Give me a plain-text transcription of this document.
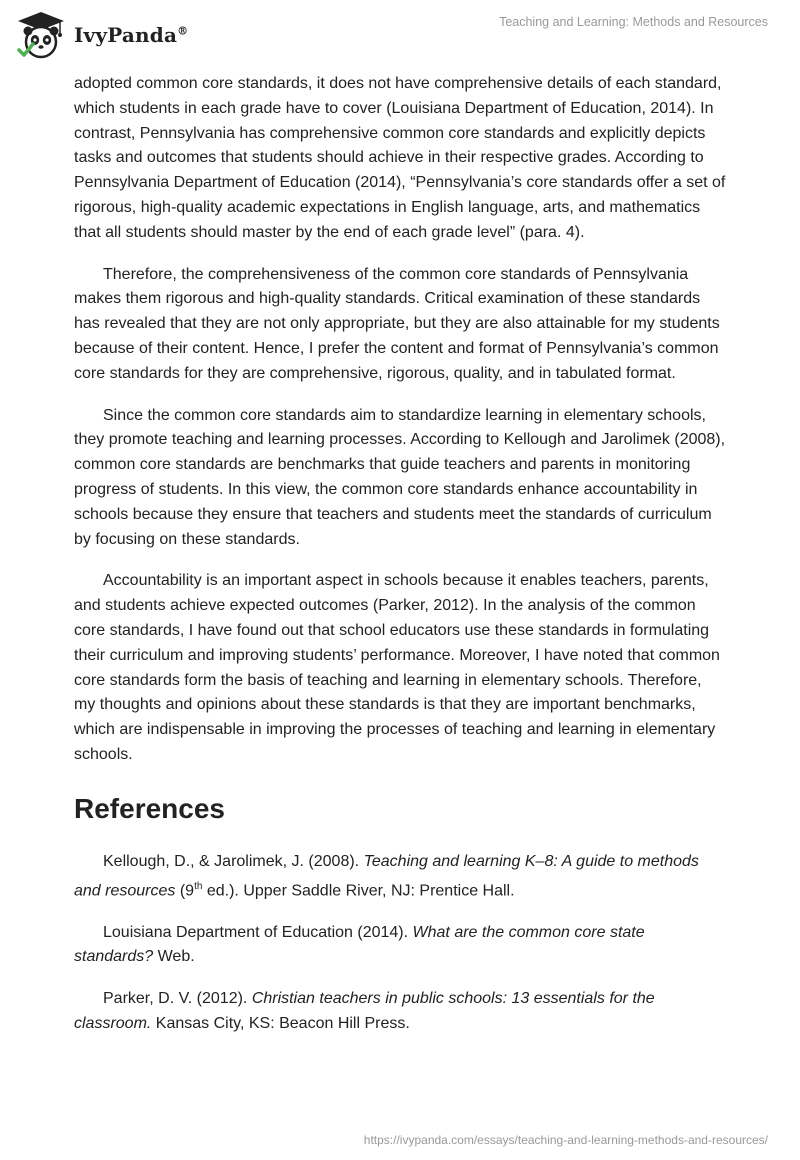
IvyPanda®
Teaching and Learning: Methods and Resources

adopted common core standards, it does not have comprehensive details of each standard, which students in each grade have to cover (Louisiana Department of Education, 2014). In contrast, Pennsylvania has comprehensive common core standards and explicitly depicts tasks and outcomes that students should achieve in their respective grades. According to Pennsylvania Department of Education (2014), “Pennsylvania’s core standards offer a set of rigorous, high-quality academic expectations in English language, arts, and mathematics that all students should master by the end of each grade level” (para. 4).

Therefore, the comprehensiveness of the common core standards of Pennsylvania makes them rigorous and high-quality standards. Critical examination of these standards has revealed that they are not only appropriate, but they are also attainable for my students because of their content. Hence, I prefer the content and format of Pennsylvania’s common core standards for they are comprehensive, rigorous, quality, and in tabulated format.

Since the common core standards aim to standardize learning in elementary schools, they promote teaching and learning processes. According to Kellough and Jarolimek (2008), common core standards are benchmarks that guide teachers and parents in monitoring progress of students. In this view, the common core standards enhance accountability in schools because they ensure that teachers and students meet the standards of curriculum by focusing on these standards.

Accountability is an important aspect in schools because it enables teachers, parents, and students achieve expected outcomes (Parker, 2012). In the analysis of the common core standards, I have found out that school educators use these standards in formulating their curriculum and improving students’ performance. Moreover, I have noted that common core standards form the basis of teaching and learning in elementary schools. Therefore, my thoughts and opinions about these standards is that they are important benchmarks, which are indispensable in improving the processes of teaching and learning in elementary schools.

References

Kellough, D., & Jarolimek, J. (2008). Teaching and learning K–8: A guide to methods and resources (9th ed.). Upper Saddle River, NJ: Prentice Hall.

Louisiana Department of Education (2014). What are the common core state standards? Web.

Parker, D. V. (2012). Christian teachers in public schools: 13 essentials for the classroom. Kansas City, KS: Beacon Hill Press.

https://ivypanda.com/essays/teaching-and-learning-methods-and-resources/
